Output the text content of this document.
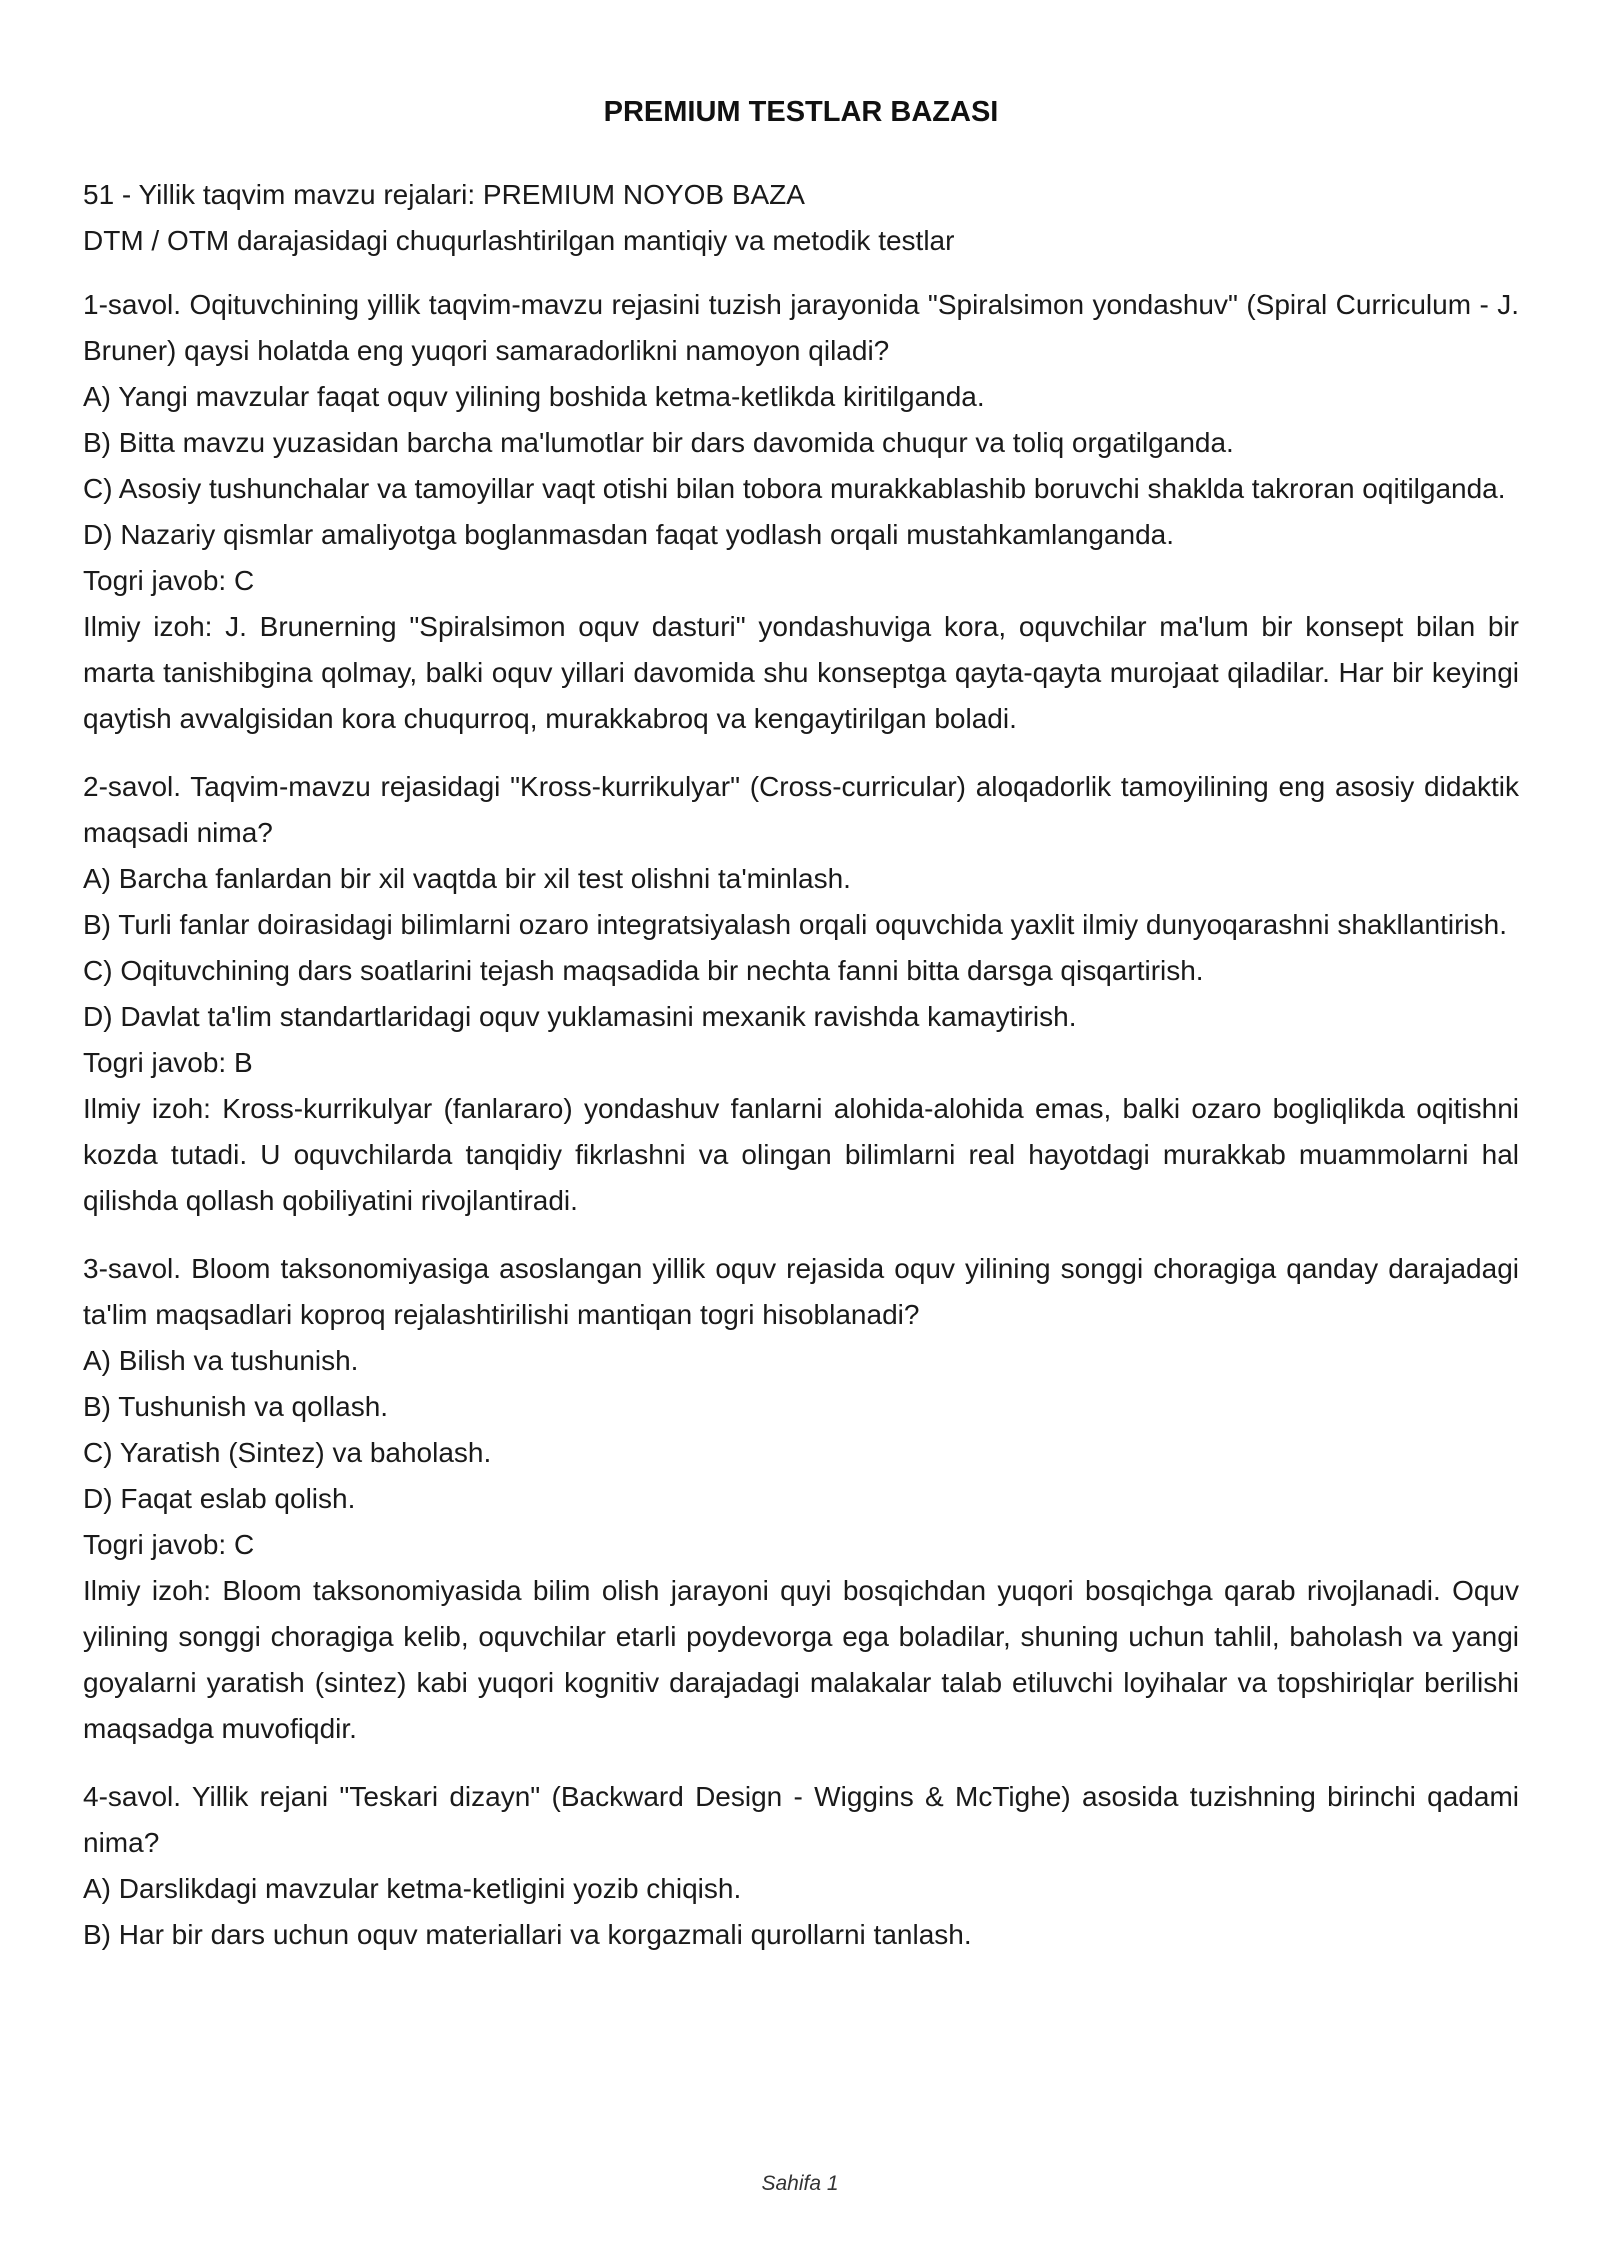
PREMIUM TESTLAR BAZASI

51 - Yillik taqvim mavzu rejalari: PREMIUM NOYOB BAZA

DTM / OTM darajasidagi chuqurlashtirilgan mantiqiy va metodik testlar

1-savol. Oqituvchining yillik taqvim-mavzu rejasini tuzish jarayonida "Spiralsimon yondashuv" (Spiral Curriculum - J. Bruner) qaysi holatda eng yuqori samaradorlikni namoyon qiladi?

A) Yangi mavzular faqat oquv yilining boshida ketma-ketlikda kiritilganda.

B) Bitta mavzu yuzasidan barcha ma'lumotlar bir dars davomida chuqur va toliq orgatilganda.

C) Asosiy tushunchalar va tamoyillar vaqt otishi bilan tobora murakkablashib boruvchi shaklda takroran oqitilganda.

D) Nazariy qismlar amaliyotga boglanmasdan faqat yodlash orqali mustahkamlanganda.

Togri javob: C

Ilmiy izoh: J. Brunerning "Spiralsimon oquv dasturi" yondashuviga kora, oquvchilar ma'lum bir konsept bilan bir marta tanishibgina qolmay, balki oquv yillari davomida shu konseptga qayta-qayta murojaat qiladilar. Har bir keyingi qaytish avvalgisidan kora chuqurroq, murakkabroq va kengaytirilgan boladi.

2-savol. Taqvim-mavzu rejasidagi "Kross-kurrikulyar" (Cross-curricular) aloqadorlik tamoyilining eng asosiy didaktik maqsadi nima?

A) Barcha fanlardan bir xil vaqtda bir xil test olishni ta'minlash.

B) Turli fanlar doirasidagi bilimlarni ozaro integratsiyalash orqali oquvchida yaxlit ilmiy dunyoqarashni shakllantirish.

C) Oqituvchining dars soatlarini tejash maqsadida bir nechta fanni bitta darsga qisqartirish.

D) Davlat ta'lim standartlaridagi oquv yuklamasini mexanik ravishda kamaytirish.

Togri javob: B

Ilmiy izoh: Kross-kurrikulyar (fanlararo) yondashuv fanlarni alohida-alohida emas, balki ozaro bogliqlikda oqitishni kozda tutadi. U oquvchilarda tanqidiy fikrlashni va olingan bilimlarni real hayotdagi murakkab muammolarni hal qilishda qollash qobiliyatini rivojlantiradi.

3-savol. Bloom taksonomiyasiga asoslangan yillik oquv rejasida oquv yilining songgi choragiga qanday darajadagi ta'lim maqsadlari koproq rejalashtirilishi mantiqan togri hisoblanadi?

A) Bilish va tushunish.

B) Tushunish va qollash.

C) Yaratish (Sintez) va baholash.

D) Faqat eslab qolish.

Togri javob: C

Ilmiy izoh: Bloom taksonomiyasida bilim olish jarayoni quyi bosqichdan yuqori bosqichga qarab rivojlanadi. Oquv yilining songgi choragiga kelib, oquvchilar etarli poydevorga ega boladilar, shuning uchun tahlil, baholash va yangi goyalarni yaratish (sintez) kabi yuqori kognitiv darajadagi malakalar talab etiluvchi loyihalar va topshiriqlar berilishi maqsadga muvofiqdir.

4-savol. Yillik rejani "Teskari dizayn" (Backward Design - Wiggins & McTighe) asosida tuzishning birinchi qadami nima?

A) Darslikdagi mavzular ketma-ketligini yozib chiqish.

B) Har bir dars uchun oquv materiallari va korgazmali qurollarni tanlash.

Sahifa 1
